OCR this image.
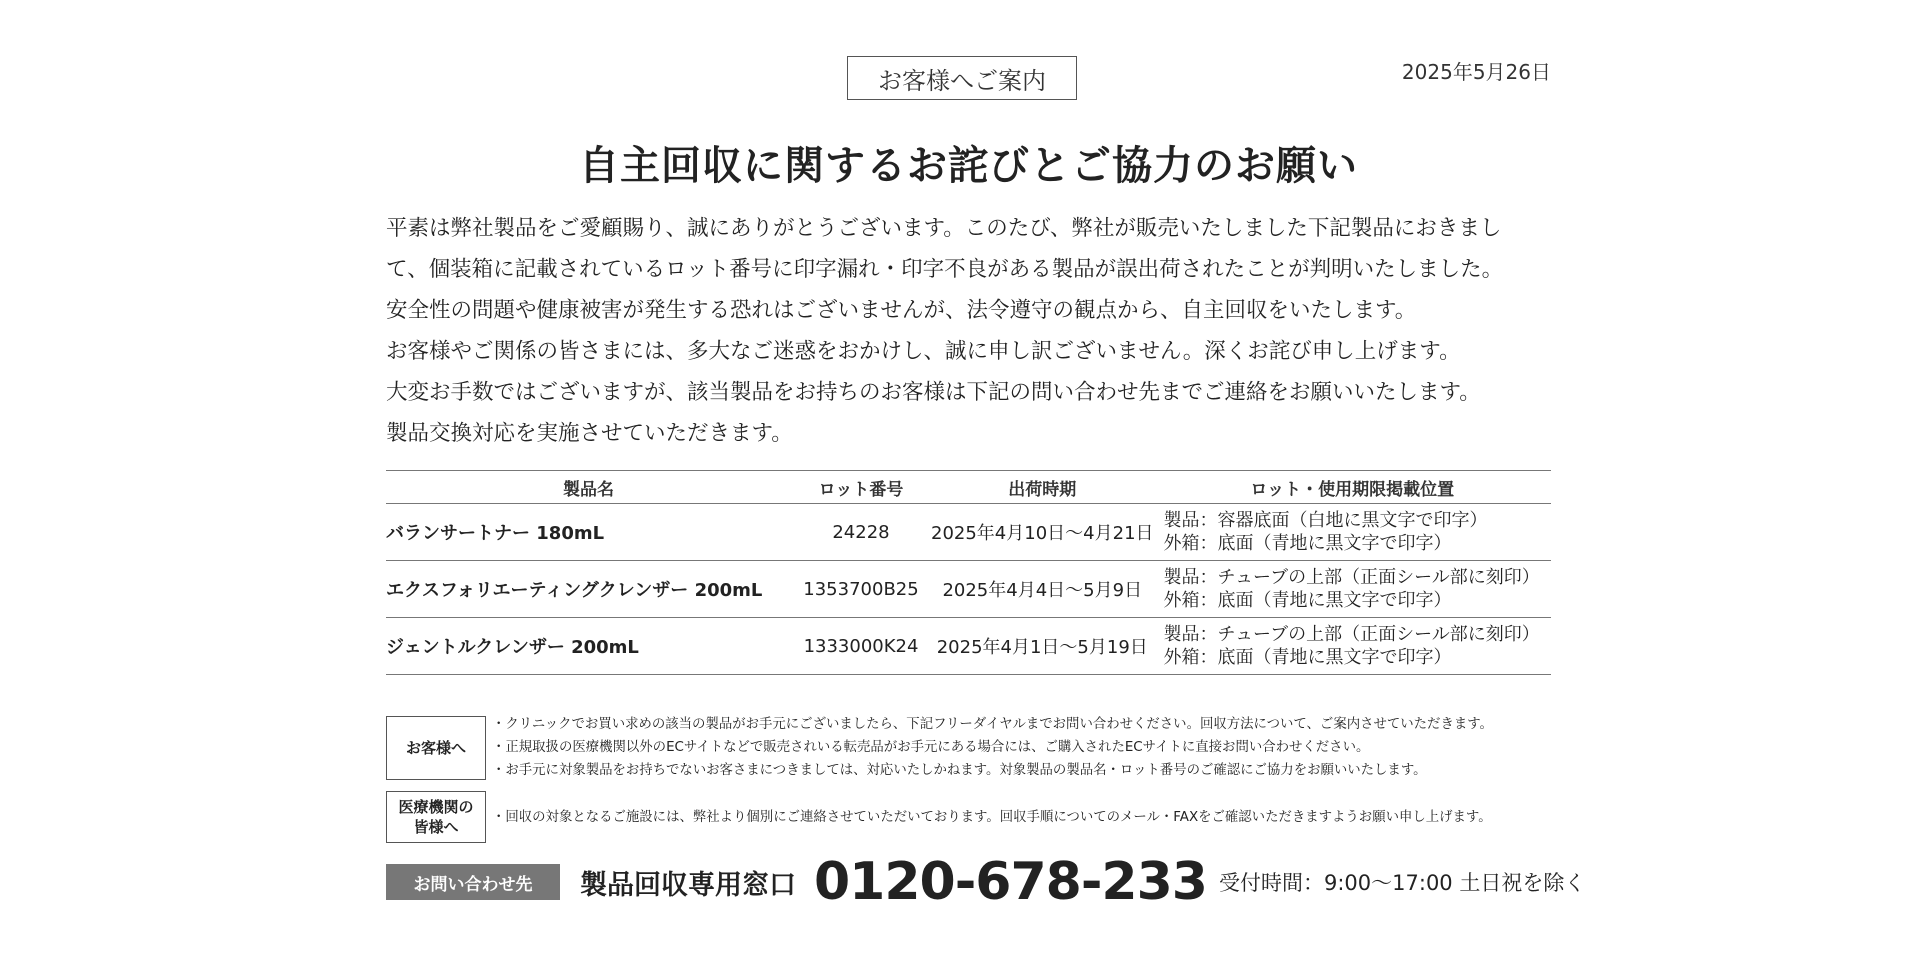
お客様へご案内	2025年5月26日
自主回収に関するお詫びとご協力のお願い

平素は弊社製品をご愛顧賜り、誠にありがとうございます。このたび、弊社が販売いたしました下記製品におきまし

て、個装箱に記載されているロット番号に印字漏れ・印字不良がある製品が誤出荷されたことが判明いたしました。

安全性の問題や健康被害が発生する恐れはございませんが、法令遵守の観点から、自主回収をいたします。

お客様やご関係の皆さまには、多大なご迷惑をおかけし、誠に申し訳ございません。深くお詫び申し上げます。

大変お手数ではございますが、該当製品をお持ちのお客様は下記の問い合わせ先までご連絡をお願いいたします。

製品交換対応を実施させていただきます。

製品名	ロット番号	出荷時期	ロット・使用期限掲載位置
バランサートナー 180mL	24228	2025年4月10日〜4月21日	製品：容器底面（白地に黒文字で印字）
外箱：底面（青地に黒文字で印字）

エクスフォリエーティングクレンザー 200mL	1353700B25	2025年4月4日〜5月9日	製品：チューブの上部（正面シール部に刻印）
外箱：底面（青地に黒文字で印字）

ジェントルクレンザー 200mL	1333000K24	2025年4月1日〜5月19日	製品：チューブの上部（正面シール部に刻印）
外箱：底面（青地に黒文字で印字）
お客様へ
・クリニックでお買い求めの該当の製品がお手元にございましたら、下記フリーダイヤルまでお問い合わせください。回収方法について、ご案内させていただきます。
・正規取扱の医療機関以外のECサイトなどで販売されいる転売品がお手元にある場合には、ご購入されたECサイトに直接お問い合わせください。
・お手元に対象製品をお持ちでないお客さまにつきましては、対応いたしかねます。対象製品の製品名・ロット番号のご確認にご協力をお願いいたします。
医療機関の
皆様へ
・回収の対象となるご施設には、弊社より個別にご連絡させていただいております。回収手順についてのメール・FAXをご確認いただきますようお願い申し上げます。
お問い合わせ先	製品回収専用窓口 0120-678-233 受付時間：9:00〜17:00 土日祝を除く
